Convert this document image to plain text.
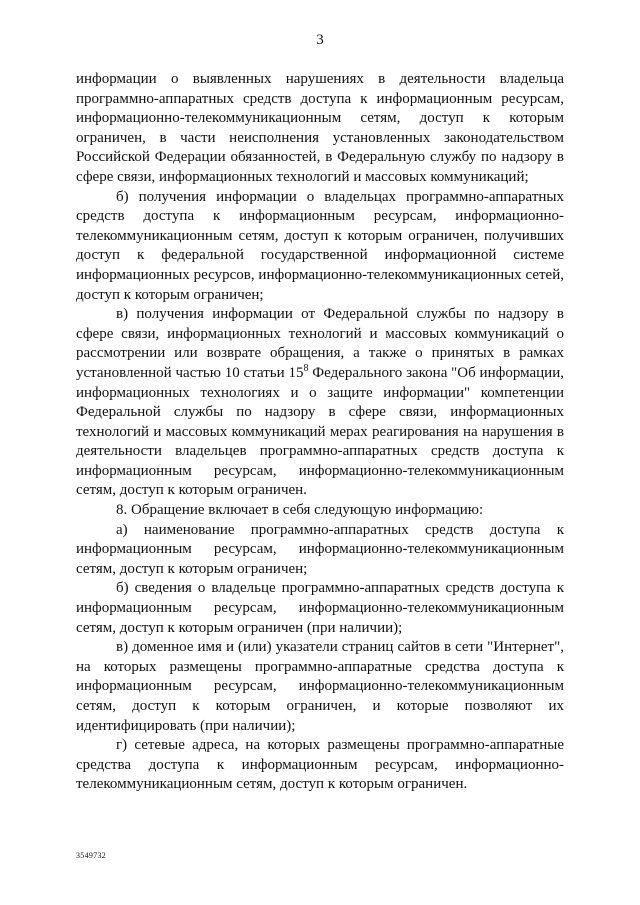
3

информации о выявленных нарушениях в деятельности владельца программно-аппаратных средств доступа к информационным ресурсам, информационно-телекоммуникационным сетям, доступ к которым ограничен, в части неисполнения установленных законодательством Российской Федерации обязанностей, в Федеральную службу по надзору в сфере связи, информационных технологий и массовых коммуникаций;

б) получения информации о владельцах программно-аппаратных средств доступа к информационным ресурсам, информационно-телекоммуникационным сетям, доступ к которым ограничен, получивших доступ к федеральной государственной информационной системе информационных ресурсов, информационно-телекоммуникационных сетей, доступ к которым ограничен;

в) получения информации от Федеральной службы по надзору в сфере связи, информационных технологий и массовых коммуникаций о рассмотрении или возврате обращения, а также о принятых в рамках установленной частью 10 статьи $15^8$ Федерального закона "Об информации, информационных технологиях и о защите информации" компетенции Федеральной службы по надзору в сфере связи, информационных технологий и массовых коммуникаций мерах реагирования на нарушения в деятельности владельцев программно-аппаратных средств доступа к информационным ресурсам, информационно-телекоммуникационным сетям, доступ к которым ограничен.

8. Обращение включает в себя следующую информацию:

а) наименование программно-аппаратных средств доступа к информационным ресурсам, информационно-телекоммуникационным сетям, доступ к которым ограничен;

б) сведения о владельце программно-аппаратных средств доступа к информационным ресурсам, информационно-телекоммуникационным сетям, доступ к которым ограничен (при наличии);

в) доменное имя и (или) указатели страниц сайтов в сети "Интернет", на которых размещены программно-аппаратные средства доступа к информационным ресурсам, информационно-телекоммуникационным сетям, доступ к которым ограничен, и которые позволяют их идентифицировать (при наличии);

г) сетевые адреса, на которых размещены программно-аппаратные средства доступа к информационным ресурсам, информационно-телекоммуникационным сетям, доступ к которым ограничен.

3549732
